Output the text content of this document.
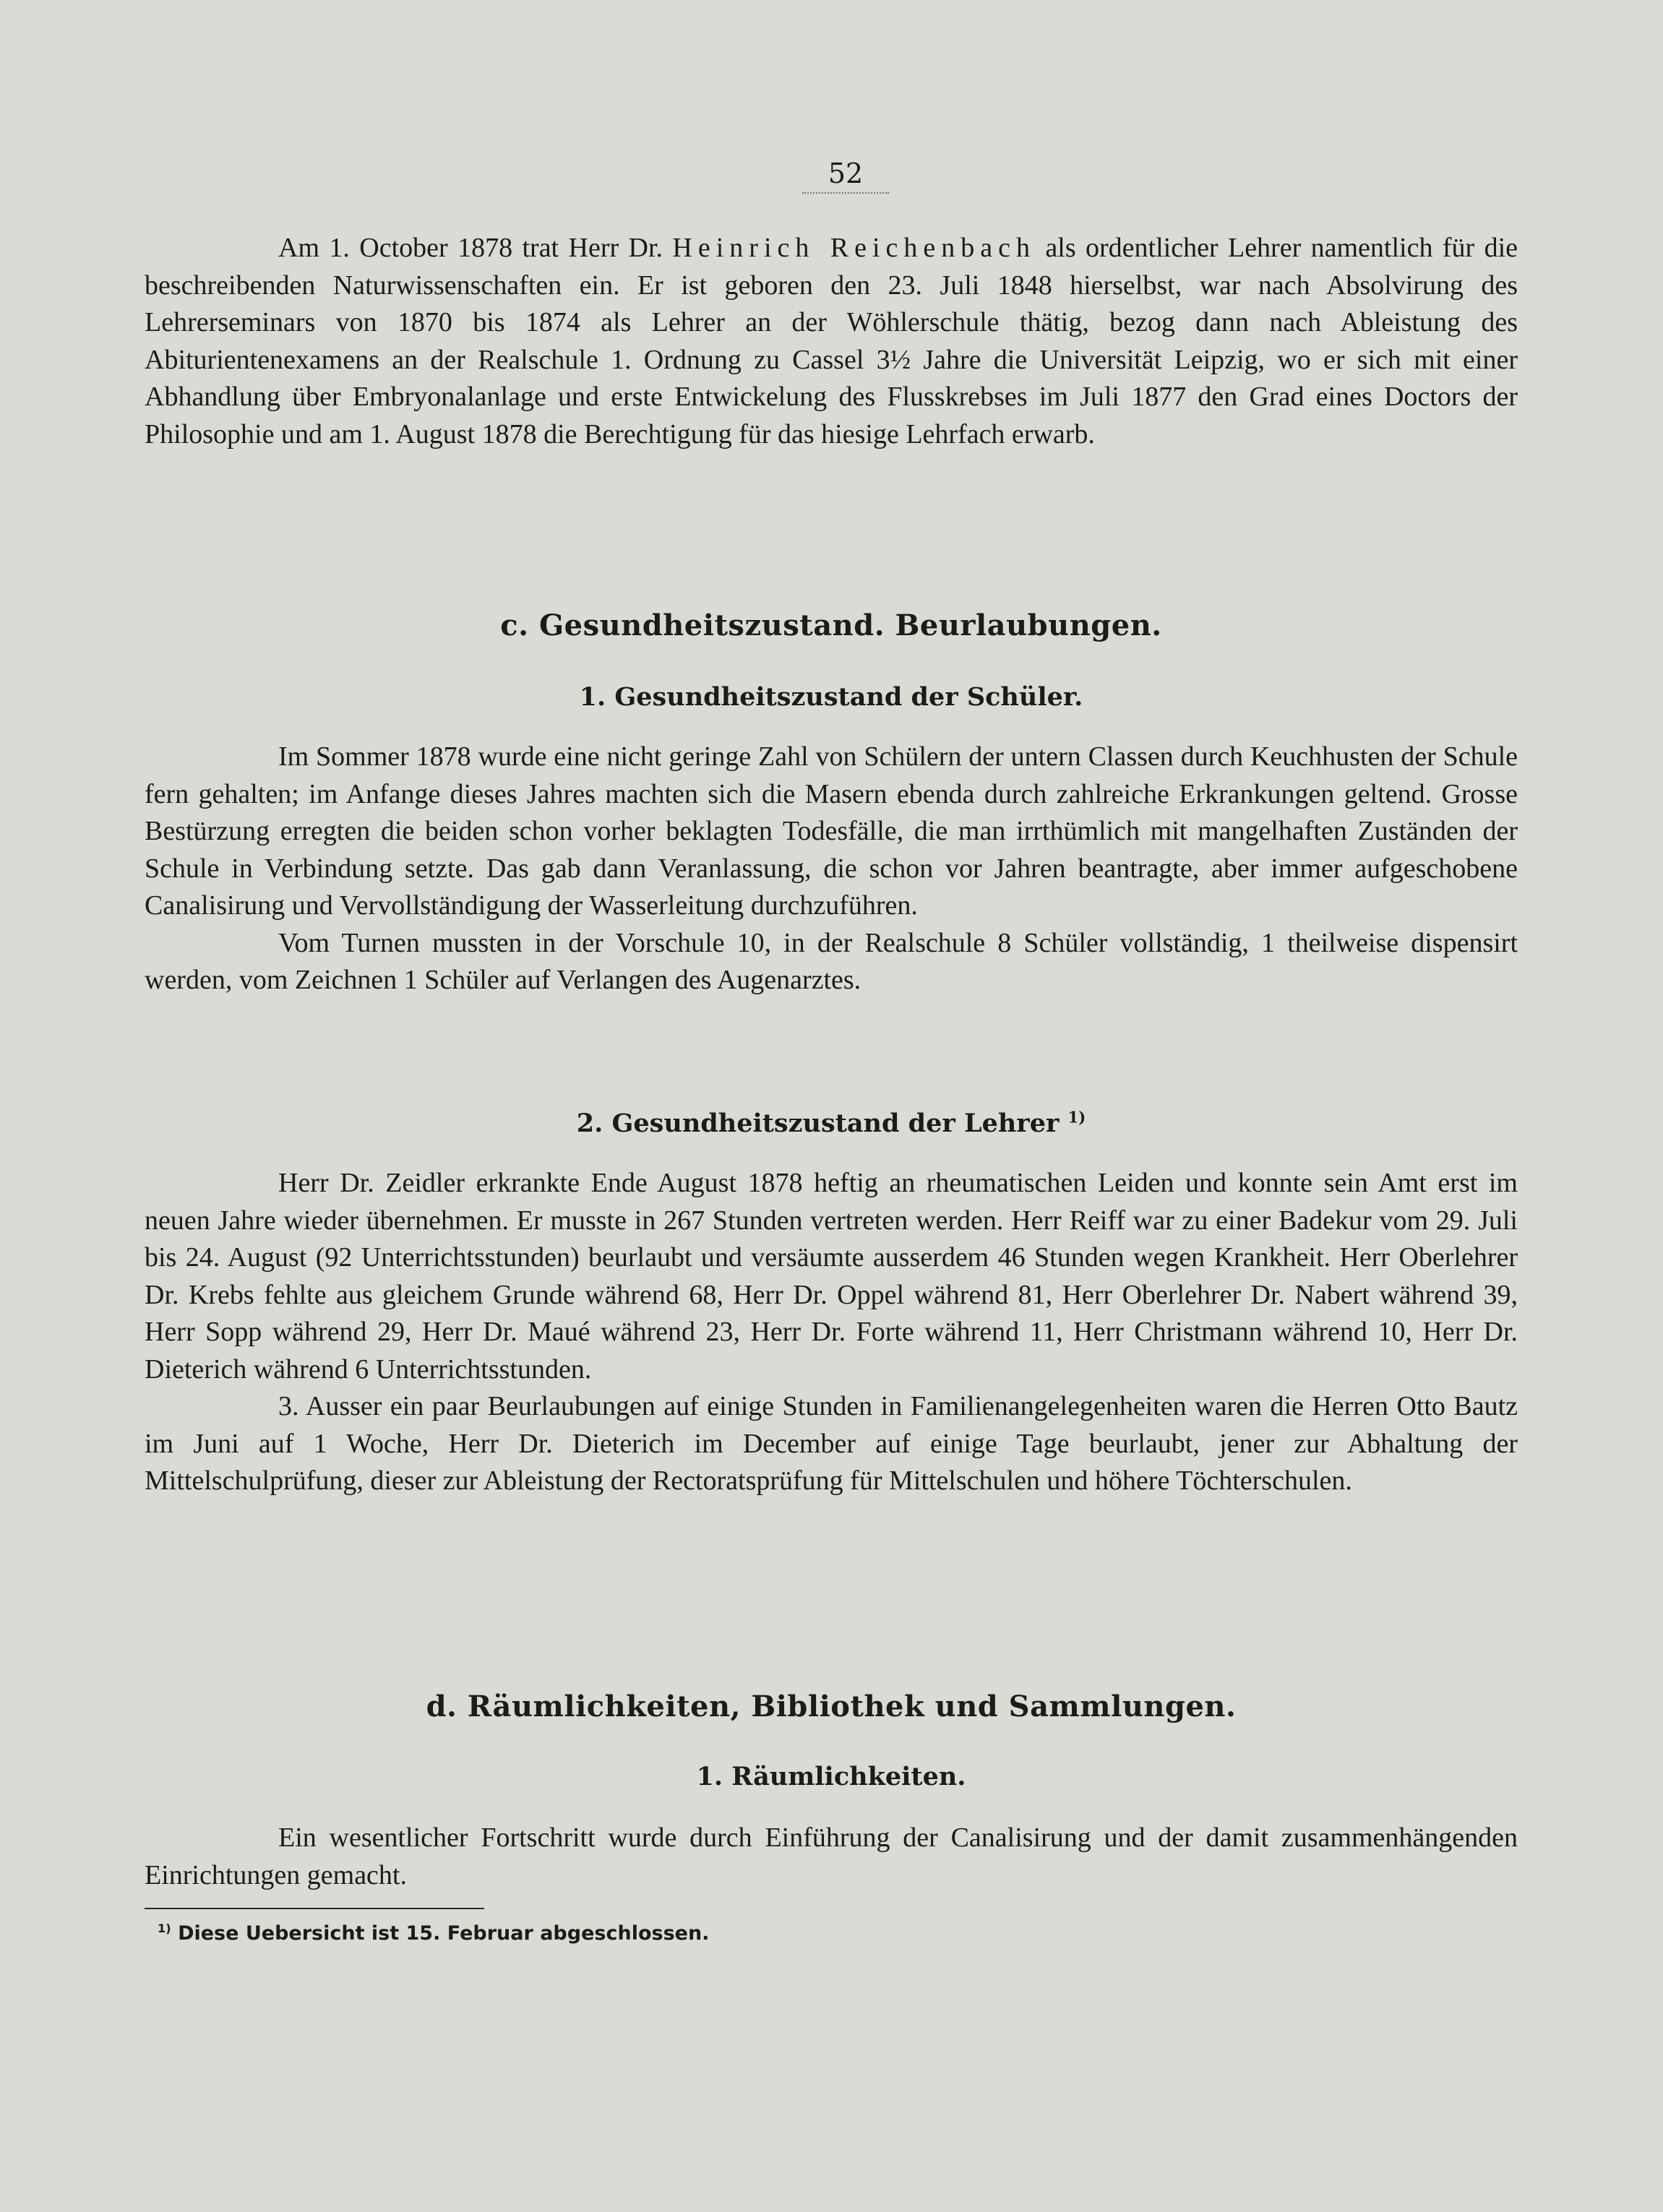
52

Am 1. October 1878 trat Herr Dr. Heinrich Reichenbach als ordentlicher Lehrer namentlich für die beschreibenden Naturwissenschaften ein. Er ist geboren den 23. Juli 1848 hierselbst, war nach Absolvirung des Lehrerseminars von 1870 bis 1874 als Lehrer an der Wöhlerschule thätig, bezog dann nach Ableistung des Abiturientenexamens an der Realschule 1. Ordnung zu Cassel 3½ Jahre die Universität Leipzig, wo er sich mit einer Abhandlung über Embryonalanlage und erste Entwickelung des Flusskrebses im Juli 1877 den Grad eines Doctors der Philosophie und am 1. August 1878 die Berechtigung für das hiesige Lehrfach erwarb.

c. Gesundheitszustand. Beurlaubungen.
1. Gesundheitszustand der Schüler.

Im Sommer 1878 wurde eine nicht geringe Zahl von Schülern der untern Classen durch Keuchhusten der Schule fern gehalten; im Anfange dieses Jahres machten sich die Masern ebenda durch zahlreiche Erkrankungen geltend. Grosse Bestürzung erregten die beiden schon vorher beklagten Todesfälle, die man irrthümlich mit mangelhaften Zuständen der Schule in Verbindung setzte. Das gab dann Veranlassung, die schon vor Jahren beantragte, aber immer aufgeschobene Canalisirung und Vervollständigung der Wasserleitung durchzuführen.

Vom Turnen mussten in der Vorschule 10, in der Realschule 8 Schüler vollständig, 1 theilweise dispensirt werden, vom Zeichnen 1 Schüler auf Verlangen des Augenarztes.

2. Gesundheitszustand der Lehrer $^{1)}$

Herr Dr. Zeidler erkrankte Ende August 1878 heftig an rheumatischen Leiden und konnte sein Amt erst im neuen Jahre wieder übernehmen. Er musste in 267 Stunden vertreten werden. Herr Reiff war zu einer Badekur vom 29. Juli bis 24. August (92 Unterrichtsstunden) beurlaubt und versäumte ausserdem 46 Stunden wegen Krankheit. Herr Oberlehrer Dr. Krebs fehlte aus gleichem Grunde während 68, Herr Dr. Oppel während 81, Herr Oberlehrer Dr. Nabert während 39, Herr Sopp während 29, Herr Dr. Maué während 23, Herr Dr. Forte während 11, Herr Christmann während 10, Herr Dr. Dieterich während 6 Unterrichtsstunden.

3. Ausser ein paar Beurlaubungen auf einige Stunden in Familienangelegenheiten waren die Herren Otto Bautz im Juni auf 1 Woche, Herr Dr. Dieterich im December auf einige Tage beurlaubt, jener zur Abhaltung der Mittelschulprüfung, dieser zur Ableistung der Rectoratsprüfung für Mittelschulen und höhere Töchterschulen.

d. Räumlichkeiten, Bibliothek und Sammlungen.
1. Räumlichkeiten.

Ein wesentlicher Fortschritt wurde durch Einführung der Canalisirung und der damit zusammenhängenden Einrichtungen gemacht.

$^{1)}$ Diese Uebersicht ist 15. Februar abgeschlossen.
